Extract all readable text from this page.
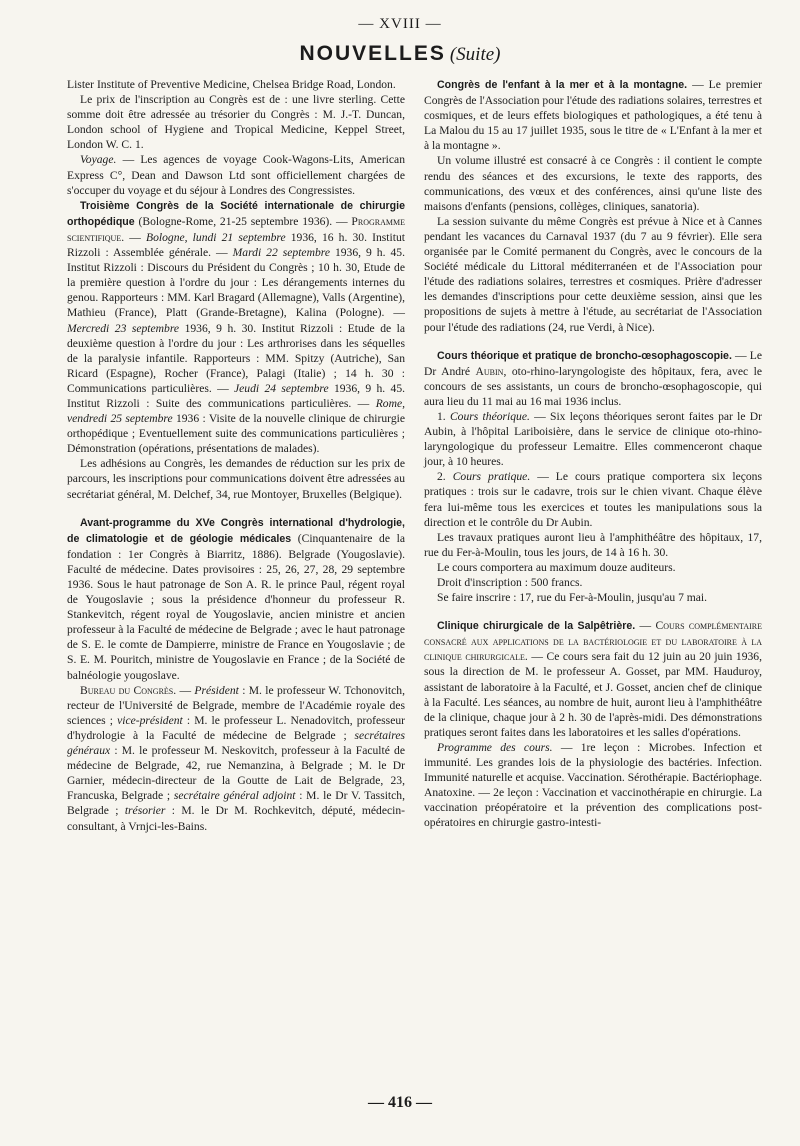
— XVIII —
NOUVELLES (Suite)

Lister Institute of Preventive Medicine, Chelsea Bridge Road, London.

Le prix de l'inscription au Congrès est de : une livre sterling. Cette somme doit être adressée au trésorier du Congrès : M. J.-T. Duncan, London school of Hygiene and Tropical Medicine, Keppel Street, London W. C. 1.

Voyage. — Les agences de voyage Cook-Wagons-Lits, American Express C°, Dean and Dawson Ltd sont officiellement chargées de s'occuper du voyage et du séjour à Londres des Congressistes.

Troisième Congrès de la Société internationale de chirurgie orthopédique (Bologne-Rome, 21-25 septembre 1936). — Programme scientifique. — Bologne, lundi 21 septembre 1936, 16 h. 30. Institut Rizzoli : Assemblée générale. — Mardi 22 septembre 1936, 9 h. 45. Institut Rizzoli : Discours du Président du Congrès ; 10 h. 30, Etude de la première question à l'ordre du jour : Les dérangements internes du genou. Rapporteurs : MM. Karl Bragard (Allemagne), Valls (Argentine), Mathieu (France), Platt (Grande-Bretagne), Kalina (Pologne). — Mercredi 23 septembre 1936, 9 h. 30. Institut Rizzoli : Etude de la deuxième question à l'ordre du jour : Les arthrorises dans les séquelles de la paralysie infantile. Rapporteurs : MM. Spitzy (Autriche), San Ricard (Espagne), Rocher (France), Palagi (Italie) ; 14 h. 30 : Communications particulières. — Jeudi 24 septembre 1936, 9 h. 45. Institut Rizzoli : Suite des communications particulières. — Rome, vendredi 25 septembre 1936 : Visite de la nouvelle clinique de chirurgie orthopédique ; Eventuellement suite des communications particulières ; Démonstration (opérations, présentations de malades).

Les adhésions au Congrès, les demandes de réduction sur les prix de parcours, les inscriptions pour communications doivent être adressées au secrétariat général, M. Delchef, 34, rue Montoyer, Bruxelles (Belgique).

Avant-programme du XVe Congrès international d'hydrologie, de climatologie et de géologie médicales (Cinquantenaire de la fondation : 1er Congrès à Biarritz, 1886). Belgrade (Yougoslavie). Faculté de médecine. Dates provisoires : 25, 26, 27, 28, 29 septembre 1936. Sous le haut patronage de Son A. R. le prince Paul, régent royal de Yougoslavie ; sous la présidence d'honneur du professeur R. Stankevitch, régent royal de Yougoslavie, ancien ministre et ancien professeur à la Faculté de médecine de Belgrade ; avec le haut patronage de S. E. le comte de Dampierre, ministre de France en Yougoslavie ; de S. E. M. Pouritch, ministre de Yougoslavie en France ; de la Société de balnéologie yougoslave.

Bureau du Congrès. — Président : M. le professeur W. Tchonovitch, recteur de l'Université de Belgrade, membre de l'Académie royale des sciences ; vice-président : M. le professeur L. Nenadovitch, professeur d'hydrologie à la Faculté de médecine de Belgrade ; secrétaires généraux : M. le professeur M. Neskovitch, professeur à la Faculté de médecine de Belgrade, 42, rue Nemanzina, à Belgrade ; M. le Dr Garnier, médecin-directeur de la Goutte de Lait de Belgrade, 23, Francuska, Belgrade ; secrétaire général adjoint : M. le Dr V. Tassitch, Belgrade ; trésorier : M. le Dr M. Rochkevitch, député, médecin-consultant, à Vrnjci-les-Bains.

Congrès de l'enfant à la mer et à la montagne. — Le premier Congrès de l'Association pour l'étude des radiations solaires, terrestres et cosmiques, et de leurs effets biologiques et pathologiques, a été tenu à La Malou du 15 au 17 juillet 1935, sous le titre de « L'Enfant à la mer et à la montagne ».

Un volume illustré est consacré à ce Congrès : il contient le compte rendu des séances et des excursions, le texte des rapports, des communications, des vœux et des conférences, ainsi qu'une liste des maisons d'enfants (pensions, collèges, cliniques, sanatoria).

La session suivante du même Congrès est prévue à Nice et à Cannes pendant les vacances du Carnaval 1937 (du 7 au 9 février). Elle sera organisée par le Comité permanent du Congrès, avec le concours de la Société médicale du Littoral méditerranéen et de l'Association pour l'étude des radiations solaires, terrestres et cosmiques. Prière d'adresser les demandes d'inscriptions pour cette deuxième session, ainsi que les propositions de sujets à mettre à l'étude, au secrétariat de l'Association pour l'étude des radiations (24, rue Verdi, à Nice).

Cours théorique et pratique de broncho-œsophagoscopie. — Le Dr André Aubin, oto-rhino-laryngologiste des hôpitaux, fera, avec le concours de ses assistants, un cours de broncho-œsophagoscopie, qui aura lieu du 11 mai au 16 mai 1936 inclus.

1. Cours théorique. — Six leçons théoriques seront faites par le Dr Aubin, à l'hôpital Lariboisière, dans le service de clinique oto-rhino-laryngologique du professeur Lemaitre. Elles commenceront chaque jour, à 10 heures.

2. Cours pratique. — Le cours pratique comportera six leçons pratiques : trois sur le cadavre, trois sur le chien vivant. Chaque élève fera lui-même tous les exercices et toutes les manipulations sous la direction et le contrôle du Dr Aubin.

Les travaux pratiques auront lieu à l'amphithéâtre des hôpitaux, 17, rue du Fer-à-Moulin, tous les jours, de 14 à 16 h. 30.

Le cours comportera au maximum douze auditeurs.

Droit d'inscription : 500 francs.

Se faire inscrire : 17, rue du Fer-à-Moulin, jusqu'au 7 mai.

Clinique chirurgicale de la Salpêtrière. — Cours complémentaire consacré aux applications de la bactériologie et du laboratoire à la clinique chirurgicale. — Ce cours sera fait du 12 juin au 20 juin 1936, sous la direction de M. le professeur A. Gosset, par MM. Hauduroy, assistant de laboratoire à la Faculté, et J. Gosset, ancien chef de clinique à la Faculté. Les séances, au nombre de huit, auront lieu à l'amphithéâtre de la clinique, chaque jour à 2 h. 30 de l'après-midi. Des démonstrations pratiques seront faites dans les laboratoires et les salles d'opérations.

Programme des cours. — 1re leçon : Microbes. Infection et immunité. Les grandes lois de la physiologie des bactéries. Infection. Immunité naturelle et acquise. Vaccination. Sérothérapie. Bactériophage. Anatoxine. — 2e leçon : Vaccination et vaccinothérapie en chirurgie. La vaccination préopératoire et la prévention des complications post-opératoires en chirurgie gastro-intesti-

— 416 —
